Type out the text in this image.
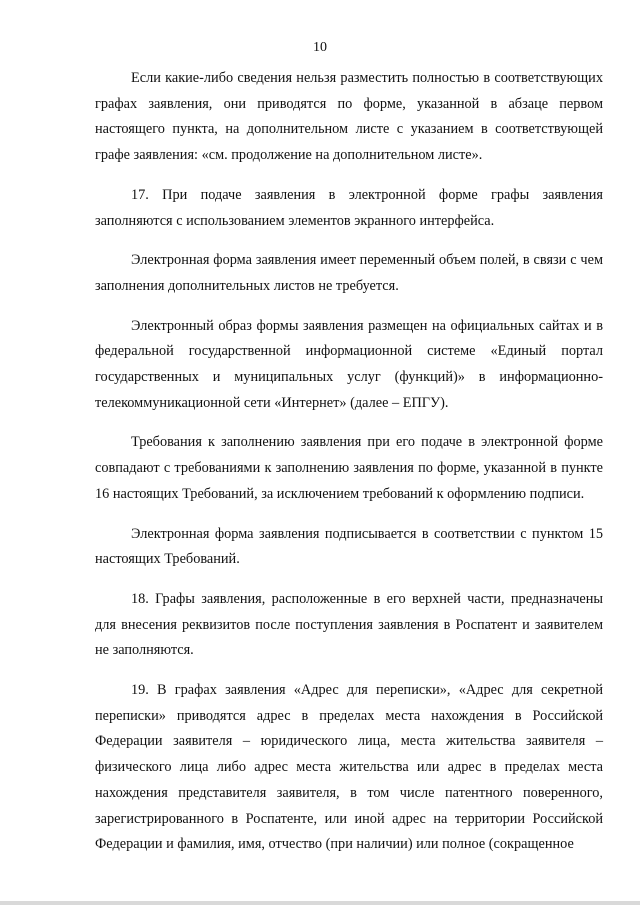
10

Если какие-либо сведения нельзя разместить полностью в соответствующих графах заявления, они приводятся по форме, указанной в абзаце первом настоящего пункта, на дополнительном листе с указанием в соответствующей графе заявления: «см. продолжение на дополнительном листе».

17. При подаче заявления в электронной форме графы заявления заполняются с использованием элементов экранного интерфейса.

Электронная форма заявления имеет переменный объем полей, в связи с чем заполнения дополнительных листов не требуется.

Электронный образ формы заявления размещен на официальных сайтах и в федеральной государственной информационной системе «Единый портал государственных и муниципальных услуг (функций)» в информационно-телекоммуникационной сети «Интернет» (далее – ЕПГУ).

Требования к заполнению заявления при его подаче в электронной форме совпадают с требованиями к заполнению заявления по форме, указанной в пункте 16 настоящих Требований, за исключением требований к оформлению подписи.

Электронная форма заявления подписывается в соответствии с пунктом 15 настоящих Требований.

18. Графы заявления, расположенные в его верхней части, предназначены для внесения реквизитов после поступления заявления в Роспатент и заявителем не заполняются.

19. В графах заявления «Адрес для переписки», «Адрес для секретной переписки» приводятся адрес в пределах места нахождения в Российской Федерации заявителя – юридического лица, места жительства заявителя – физического лица либо адрес места жительства или адрес в пределах места нахождения представителя заявителя, в том числе патентного поверенного, зарегистрированного в Роспатенте, или иной адрес на территории Российской Федерации и фамилия, имя, отчество (при наличии) или полное (сокращенное
